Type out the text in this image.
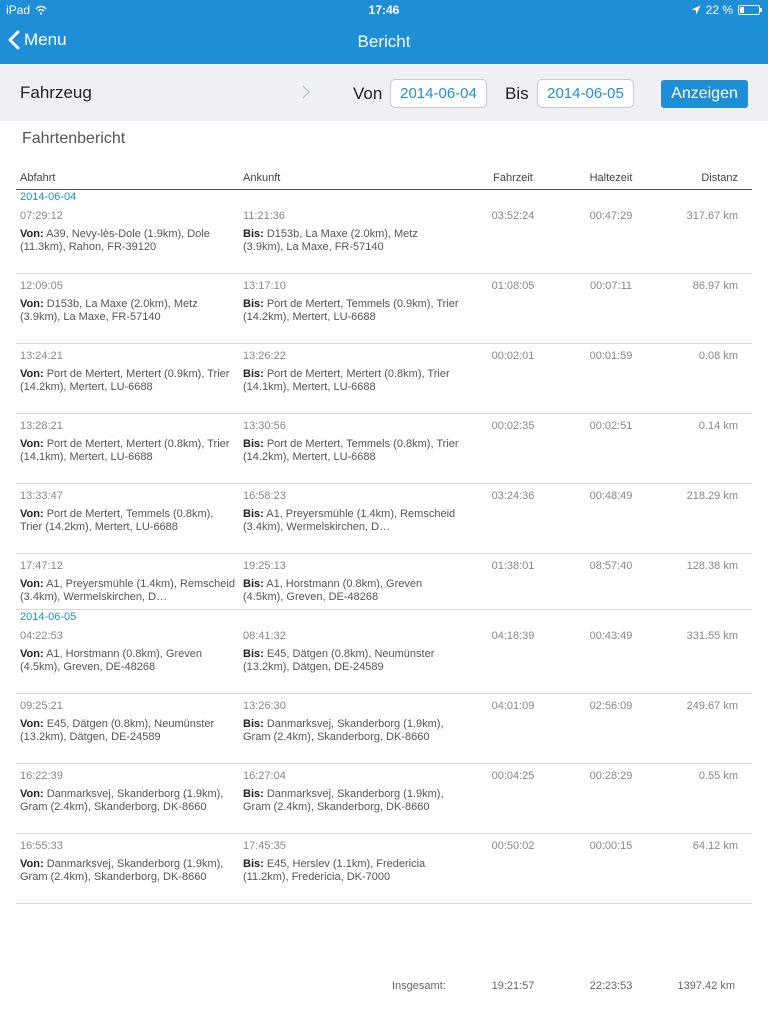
iPad	17:46	22 %
Menu	Bericht
Fahrzeug	Von	2014-06-04	Bis	2014-06-05	Anzeigen
Fahrtenbericht
Abfahrt	Ankunft	Fahrzeit	Haltezeit	Distanz
2014-06-04
07:29:12	11:21:36	03:52:24	00:47:29	317.67 km
Von: A39, Nevy-lès-Dole (1.9km), Dole (11.3km), Rahon, FR-39120
Bis: D153b, La Maxe (2.0km), Metz (3.9km), La Maxe, FR-57140
12:09:05	13:17:10	01:08:05	00:07:11	86.97 km
Von: D153b, La Maxe (2.0km), Metz (3.9km), La Maxe, FR-57140
Bis: Port de Mertert, Temmels (0.9km), Trier (14.2km), Mertert, LU-6688
13:24:21	13:26:22	00:02:01	00:01:59	0.08 km
Von: Port de Mertert, Mertert (0.9km), Trier (14.2km), Mertert, LU-6688
Bis: Port de Mertert, Mertert (0.8km), Trier (14.1km), Mertert, LU-6688
13:28:21	13:30:56	00:02:35	00:02:51	0.14 km
Von: Port de Mertert, Mertert (0.8km), Trier (14.1km), Mertert, LU-6688
Bis: Port de Mertert, Temmels (0.8km), Trier (14.2km), Mertert, LU-6688
13:33:47	16:58:23	03:24:36	00:48:49	218.29 km
Von: Port de Mertert, Temmels (0.8km), Trier (14.2km), Mertert, LU-6688
Bis: A1, Preyersmühle (1.4km), Remscheid (3.4km), Wermelskirchen, D…
17:47:12	19:25:13	01:38:01	08:57:40	128.38 km
Von: A1, Preyersmühle (1.4km), Remscheid (3.4km), Wermelskirchen, D…
Bis: A1, Horstmann (0.8km), Greven (4.5km), Greven, DE-48268
2014-06-05
04:22:53	08:41:32	04:18:39	00:43:49	331.55 km
Von: A1, Horstmann (0.8km), Greven (4.5km), Greven, DE-48268
Bis: E45, Dätgen (0.8km), Neumünster (13.2km), Dätgen, DE-24589
09:25:21	13:26:30	04:01:09	02:56:09	249.67 km
Von: E45, Dätgen (0.8km), Neumünster (13.2km), Dätgen, DE-24589
Bis: Danmarksvej, Skanderborg (1.9km), Gram (2.4km), Skanderborg, DK-8660
16:22:39	16:27:04	00:04:25	00:28:29	0.55 km
Von: Danmarksvej, Skanderborg (1.9km), Gram (2.4km), Skanderborg, DK-8660
Bis: Danmarksvej, Skanderborg (1.9km), Gram (2.4km), Skanderborg, DK-8660
16:55:33	17:45:35	00:50:02	00:00:15	64.12 km
Von: Danmarksvej, Skanderborg (1.9km), Gram (2.4km), Skanderborg, DK-8660
Bis: E45, Herslev (1.1km), Fredericia (11.2km), Fredericia, DK-7000
Insgesamt:	19:21:57	22:23:53	1397.42 km
